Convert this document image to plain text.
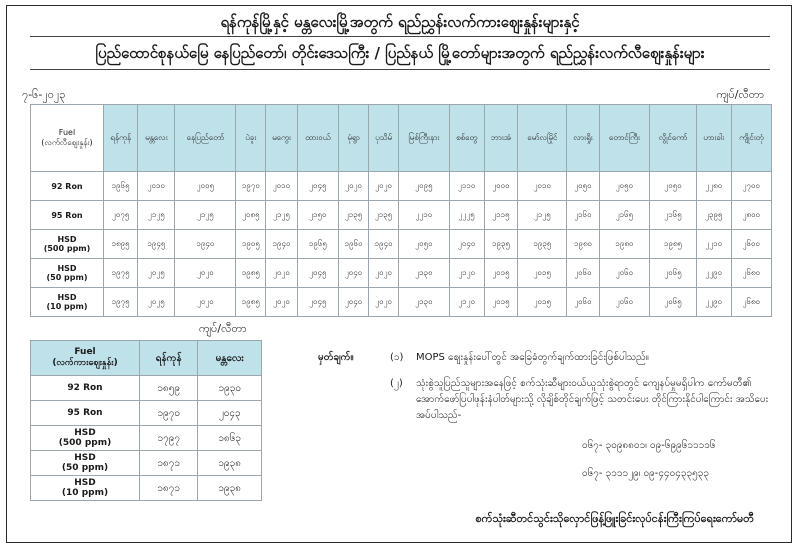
ရန်ကုန်မြို့နှင့် မန္တလေးမြို့အတွက် ရည်ညွှန်းလက်ကားဈေးနှုန်းများနှင့်
ပြည်ထောင်စုနယ်မြေ နေပြည်တော်၊ တိုင်းဒေသကြီး / ပြည်နယ် မြို့တော်များအတွက် ရည်ညွှန်းလက်လီဈေးနှုန်းများ
၇-၆-၂၀၂၃	ကျပ်/လီတာ
Fuel
(လက်လီဈေးနှုန်း)	ရန်ကုန်	မန္တလေး	နေပြည်တော်	ပဲခူး	မကွေး	ထားဝယ်	မုံရွာ	ပုသိမ်	မြစ်ကြီးနား	စစ်တွေ	ဘားအံ	မော်လမြိုင်	လားရှိုး	တောင်ကြီး	လွိုင်ကော်	ဟားခါး	ကျိုင်းတုံ

92 Ron	၁၉၆၅	၂၀၁၀	၂၀၀၅	၁၉၇၀	၂၀၁၀	၂၀၄၅	၂၀၂၀	၂၀၂၀	၂၀၉၅	၂၁၁၀	၂၀၀၀	၂၀၁၀	၂၀၅၀	၂၀၅၀	၂၀၅၀	၂၂၈၀	၂၇၀၀

95 Ron	၂၀၇၅	၂၁၂၅	၂၁၂၅	၂၀၈၅	၂၁၂၅	၂၁၅၀	၂၁၃၅	၂၁၃၅	၂၂၁၀	၂၂၂၅	၂၁၁၅	၂၁၂၅	၂၁၆၀	၂၁၆၅	၂၁၆၅	၂၃၉၅	၂၈၀၀

HSD
(500 ppm)	၁၈၉၅	၁၉၄၅	၁၉၄၀	၁၉၀၅	၁၉၄၀	၁၉၆၅	၁၉၆၀	၁၉၄၀	၂၀၅၀	၂၀၄၀	၁၉၃၅	၁၉၃၅	၁၉၈၀	၁၉၈၀	၁၉၈၅	၂၂၁၀	၂၆၀၀

HSD
(50 ppm)	၁၉၇၅	၂၀၂၅	၂၀၂၀	၁၉၈၅	၂၀၂၀	၂၀၄၅	၂၀၄၀	၂၀၂၀	၂၁၃၀	၂၁၂၀	၂၀၁၅	၂၀၁၅	၂၀၆၀	၂၀၆၀	၂၀၆၅	၂၂၉၀	၂၆၈၀

HSD
(10 ppm)	၁၉၇၅	၂၀၂၅	၂၀၂၀	၁၉၈၅	၂၀၂၀	၂၀၄၅	၂၀၄၀	၂၀၂၀	၂၁၃၀	၂၁၂၀	၂၀၁၅	၂၀၁၅	၂၀၆၀	၂၀၆၀	၂၀၆၅	၂၂၉၀	၂၆၈၀
ကျပ်/လီတာ
Fuel
(လက်ကားဈေးနှုန်း)	ရန်ကုန်	မန္တလေး

92 Ron	၁၈၅၉	၁၉၃၀

95 Ron	၁၉၇၀	၂၀၄၃

HSD
(500 ppm)	၁၇၉၇	၁၈၆၃

HSD
(50 ppm)	၁၈၇၁	၁၉၃၈

HSD
(10 ppm)	၁၈၇၁	၁၉၃၈
မှတ်ချက်။	(၁) MOPS ဈေးနှုန်းပေါ်တွင် အခြေခံတွက်ချက်ထားခြင်းဖြစ်ပါသည်။
(၂) သုံးစွဲသူပြည်သူများအနေဖြင့် စက်သုံးဆီများဝယ်ယူသုံးစွဲရာတွင် ကျေနပ်မှုမရှိပါက ကော်မတီ၏ အောက်ဖော်ပြပါဖုန်းနံပါတ်များသို့ လိုချိစ်တိုင်ချက်ဖြင့် သတင်းပေး တိုင်ကြားနိုင်ပါကြောင်း အသိပေးအပ်ပါသည်-
၀၆၇- ၃၀၉၈၈၀၁၊ ၀၉-၆၉၉၆၁၁၁၁၆
၀၆၇- ၃၁၁၁၂၉၊ ၀၉-၄၄၀၄၃၃၅၃၃
စက်သုံးဆီတင်သွင်းသိုလှောင်ဖြန့်ဖြူးခြင်းလုပ်ငန်းကြီးကြပ်ရေးကော်မတီ
